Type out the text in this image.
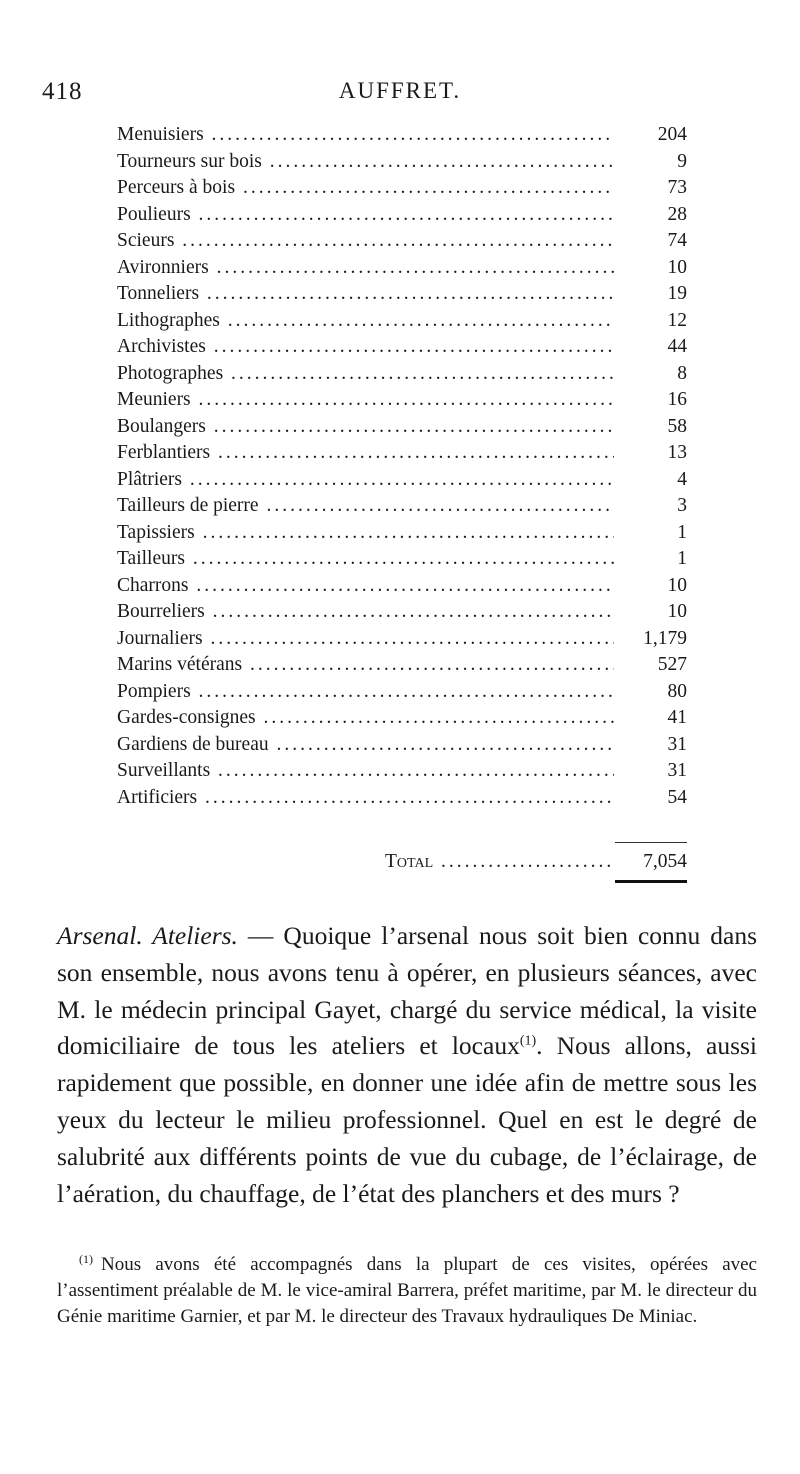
418	AUFFRET.
Menuisiers .....	204
Tourneurs sur bois .....	9
Perceurs à bois .....	73
Poulieurs .....	28
Scieurs .....	74
Avironniers .....	10
Tonneliers .....	19
Lithographes .....	12
Archivistes .....	44
Photographes .....	8
Meuniers .....	16
Boulangers .....	58
Ferblantiers .....	13
Plâtriers .....	4
Tailleurs de pierre .....	3
Tapissiers .....	1
Tailleurs .....	1
Charrons .....	10
Bourreliers .....	10
Journaliers .....	1,179
Marins vétérans .....	527
Pompiers .....	80
Gardes-consignes .....	41
Gardiens de bureau .....	31
Surveillants .....	31
Artificiers .....	54
Total .....	7,054

Arsenal. Ateliers. — Quoique l’arsenal nous soit bien connu dans son ensemble, nous avons tenu à opérer, en plusieurs séances, avec M. le médecin principal Gayet, chargé du service médical, la visite domiciliaire de tous les ateliers et locaux$^{(1)}$. Nous allons, aussi rapidement que possible, en donner une idée afin de mettre sous les yeux du lecteur le milieu professionnel. Quel en est le degré de salubrité aux différents points de vue du cubage, de l’éclairage, de l’aération, du chauffage, de l’état des planchers et des murs ?

$^{(1)}$ Nous avons été accompagnés dans la plupart de ces visites, opérées avec l’assentiment préalable de M. le vice-amiral Barrera, préfet maritime, par M. le directeur du Génie maritime Garnier, et par M. le directeur des Travaux hydrauliques De Miniac.
